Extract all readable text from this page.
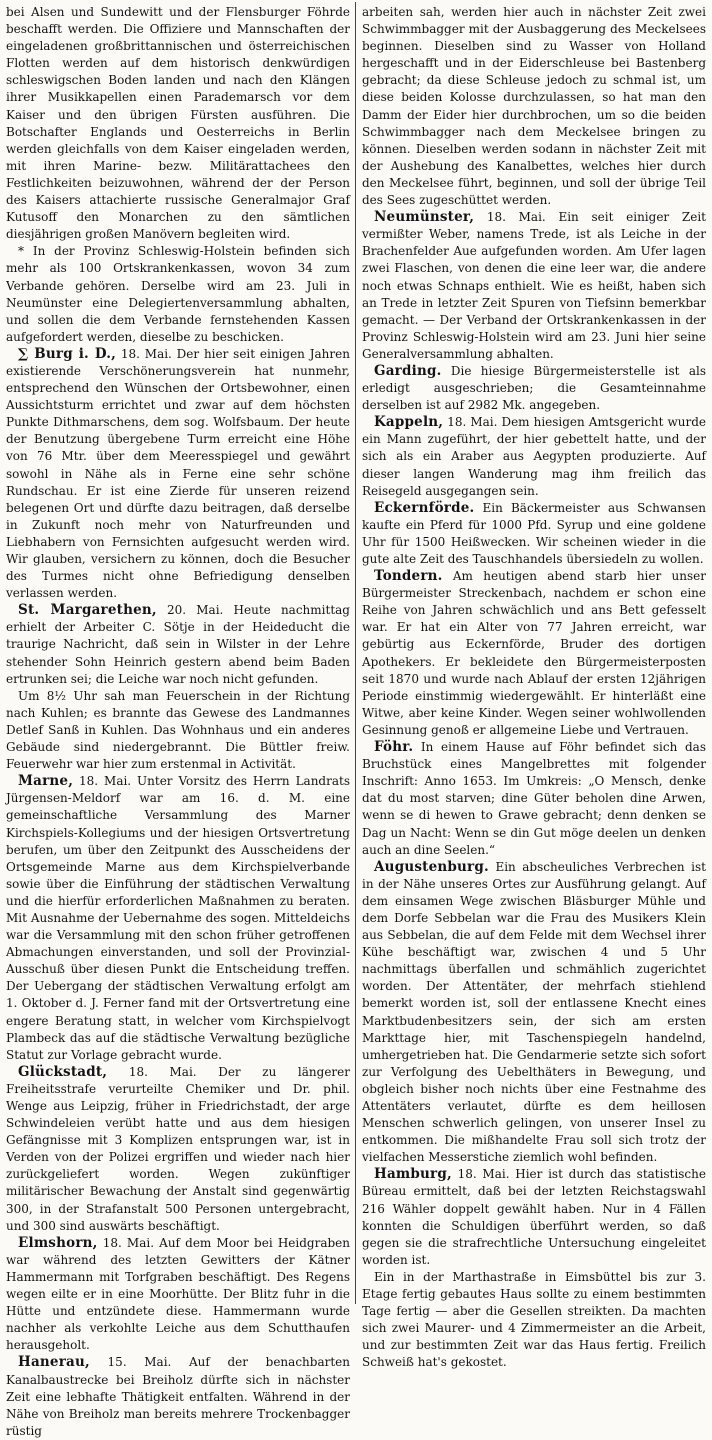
bei Alsen und Sundewitt und der Flensburger Föhrde beschafft werden. Die Offiziere und Mannschaften der eingeladenen großbrittannischen und österreichischen Flotten werden auf dem historisch denkwürdigen schleswigschen Boden landen und nach den Klängen ihrer Musikkapellen einen Parademarsch vor dem Kaiser und den übrigen Fürsten ausführen. Die Botschafter Englands und Oesterreichs in Berlin werden gleichfalls von dem Kaiser eingeladen werden, mit ihren Marine- bezw. Militärattachees den Festlichkeiten beizuwohnen, während der der Person des Kaisers attachierte russische Generalmajor Graf Kutusoff den Monarchen zu den sämtlichen diesjährigen großen Manövern begleiten wird.

* In der Provinz Schleswig-Holstein befinden sich mehr als 100 Ortskrankenkassen, wovon 34 zum Verbande gehören. Derselbe wird am 23. Juli in Neumünster eine Delegiertenversammlung abhalten, und sollen die dem Verbande fernstehenden Kassen aufgefordert werden, dieselbe zu beschicken.

∑ Burg i. D., 18. Mai. Der hier seit einigen Jahren existierende Verschönerungsverein hat nunmehr, entsprechend den Wünschen der Ortsbewohner, einen Aussichtsturm errichtet und zwar auf dem höchsten Punkte Dithmarschens, dem sog. Wolfsbaum. Der heute der Benutzung übergebene Turm erreicht eine Höhe von 76 Mtr. über dem Meeresspiegel und gewährt sowohl in Nähe als in Ferne eine sehr schöne Rundschau. Er ist eine Zierde für unseren reizend belegenen Ort und dürfte dazu beitragen, daß derselbe in Zukunft noch mehr von Naturfreunden und Liebhabern von Fernsichten aufgesucht werden wird. Wir glauben, versichern zu können, doch die Besucher des Turmes nicht ohne Befriedigung denselben verlassen werden.

St. Margarethen, 20. Mai. Heute nachmittag erhielt der Arbeiter C. Sötje in der Heideducht die traurige Nachricht, daß sein in Wilster in der Lehre stehender Sohn Heinrich gestern abend beim Baden ertrunken sei; die Leiche war noch nicht gefunden.

Um 8½ Uhr sah man Feuerschein in der Richtung nach Kuhlen; es brannte das Gewese des Landmannes Detlef Sanß in Kuhlen. Das Wohnhaus und ein anderes Gebäude sind niedergebrannt. Die Büttler freiw. Feuerwehr war hier zum erstenmal in Activität.

Marne, 18. Mai. Unter Vorsitz des Herrn Landrats Jürgensen-Meldorf war am 16. d. M. eine gemeinschaftliche Versammlung des Marner Kirchspiels-Kollegiums und der hiesigen Ortsvertretung berufen, um über den Zeitpunkt des Ausscheidens der Ortsgemeinde Marne aus dem Kirchspielverbande sowie über die Einführung der städtischen Verwaltung und die hierfür erforderlichen Maßnahmen zu beraten. Mit Ausnahme der Uebernahme des sogen. Mitteldeichs war die Versammlung mit den schon früher getroffenen Abmachungen einverstanden, und soll der Provinzial-Ausschuß über diesen Punkt die Entscheidung treffen. Der Uebergang der städtischen Verwaltung erfolgt am 1. Oktober d. J. Ferner fand mit der Ortsvertretung eine engere Beratung statt, in welcher vom Kirchspielvogt Plambeck das auf die städtische Verwaltung bezügliche Statut zur Vorlage gebracht wurde.

Glückstadt, 18. Mai. Der zu längerer Freiheitsstrafe verurteilte Chemiker und Dr. phil. Wenge aus Leipzig, früher in Friedrichstadt, der arge Schwindeleien verübt hatte und aus dem hiesigen Gefängnisse mit 3 Komplizen entsprungen war, ist in Verden von der Polizei ergriffen und wieder nach hier zurückgeliefert worden. Wegen zukünftiger militärischer Bewachung der Anstalt sind gegenwärtig 300, in der Strafanstalt 500 Personen untergebracht, und 300 sind auswärts beschäftigt.

Elmshorn, 18. Mai. Auf dem Moor bei Heidgraben war während des letzten Gewitters der Kätner Hammermann mit Torfgraben beschäftigt. Des Regens wegen eilte er in eine Moorhütte. Der Blitz fuhr in die Hütte und entzündete diese. Hammermann wurde nachher als verkohlte Leiche aus dem Schutthaufen herausgeholt.

Hanerau, 15. Mai. Auf der benachbarten Kanalbaustrecke bei Breiholz dürfte sich in nächster Zeit eine lebhafte Thätigkeit entfalten. Während in der Nähe von Breiholz man bereits mehrere Trockenbagger rüstig

arbeiten sah, werden hier auch in nächster Zeit zwei Schwimmbagger mit der Ausbaggerung des Meckelsees beginnen. Dieselben sind zu Wasser von Holland hergeschafft und in der Eiderschleuse bei Bastenberg gebracht; da diese Schleuse jedoch zu schmal ist, um diese beiden Kolosse durchzulassen, so hat man den Damm der Eider hier durchbrochen, um so die beiden Schwimmbagger nach dem Meckelsee bringen zu können. Dieselben werden sodann in nächster Zeit mit der Aushebung des Kanalbettes, welches hier durch den Meckelsee führt, beginnen, und soll der übrige Teil des Sees zugeschüttet werden.

Neumünster, 18. Mai. Ein seit einiger Zeit vermißter Weber, namens Trede, ist als Leiche in der Brachenfelder Aue aufgefunden worden. Am Ufer lagen zwei Flaschen, von denen die eine leer war, die andere noch etwas Schnaps enthielt. Wie es heißt, haben sich an Trede in letzter Zeit Spuren von Tiefsinn bemerkbar gemacht. — Der Verband der Ortskrankenkassen in der Provinz Schleswig-Holstein wird am 23. Juni hier seine Generalversammlung abhalten.

Garding. Die hiesige Bürgermeisterstelle ist als erledigt ausgeschrieben; die Gesamteinnahme derselben ist auf 2982 Mk. angegeben.

Kappeln, 18. Mai. Dem hiesigen Amtsgericht wurde ein Mann zugeführt, der hier gebettelt hatte, und der sich als ein Araber aus Aegypten produzierte. Auf dieser langen Wanderung mag ihm freilich das Reisegeld ausgegangen sein.

Eckernförde. Ein Bäckermeister aus Schwansen kaufte ein Pferd für 1000 Pfd. Syrup und eine goldene Uhr für 1500 Heißwecken. Wir scheinen wieder in die gute alte Zeit des Tauschhandels übersiedeln zu wollen.

Tondern. Am heutigen abend starb hier unser Bürgermeister Streckenbach, nachdem er schon eine Reihe von Jahren schwächlich und ans Bett gefesselt war. Er hat ein Alter von 77 Jahren erreicht, war gebürtig aus Eckernförde, Bruder des dortigen Apothekers. Er bekleidete den Bürgermeisterposten seit 1870 und wurde nach Ablauf der ersten 12jährigen Periode einstimmig wiedergewählt. Er hinterläßt eine Witwe, aber keine Kinder. Wegen seiner wohlwollenden Gesinnung genoß er allgemeine Liebe und Vertrauen.

Föhr. In einem Hause auf Föhr befindet sich das Bruchstück eines Mangelbrettes mit folgender Inschrift: Anno 1653. Im Umkreis: „O Mensch, denke dat du most starven; dine Güter beholen dine Arwen, wenn se di hewen to Grawe gebracht; denn denken se Dag un Nacht: Wenn se din Gut möge deelen un denken auch an dine Seelen.“

Augustenburg. Ein abscheuliches Verbrechen ist in der Nähe unseres Ortes zur Ausführung gelangt. Auf dem einsamen Wege zwischen Bläsburger Mühle und dem Dorfe Sebbelan war die Frau des Musikers Klein aus Sebbelan, die auf dem Felde mit dem Wechsel ihrer Kühe beschäftigt war, zwischen 4 und 5 Uhr nachmittags überfallen und schmählich zugerichtet worden. Der Attentäter, der mehrfach stiehlend bemerkt worden ist, soll der entlassene Knecht eines Marktbudenbesitzers sein, der sich am ersten Markttage hier, mit Taschenspiegeln handelnd, umhergetrieben hat. Die Gendarmerie setzte sich sofort zur Verfolgung des Uebelthäters in Bewegung, und obgleich bisher noch nichts über eine Festnahme des Attentäters verlautet, dürfte es dem heillosen Menschen schwerlich gelingen, von unserer Insel zu entkommen. Die mißhandelte Frau soll sich trotz der vielfachen Messerstiche ziemlich wohl befinden.

Hamburg, 18. Mai. Hier ist durch das statistische Büreau ermittelt, daß bei der letzten Reichstagswahl 216 Wähler doppelt gewählt haben. Nur in 4 Fällen konnten die Schuldigen überführt werden, so daß gegen sie die strafrechtliche Untersuchung eingeleitet worden ist.

Ein in der Marthastraße in Eimsbüttel bis zur 3. Etage fertig gebautes Haus sollte zu einem bestimmten Tage fertig — aber die Gesellen streikten. Da machten sich zwei Maurer- und 4 Zimmermeister an die Arbeit, und zur bestimmten Zeit war das Haus fertig. Freilich Schweiß hat's gekostet.
